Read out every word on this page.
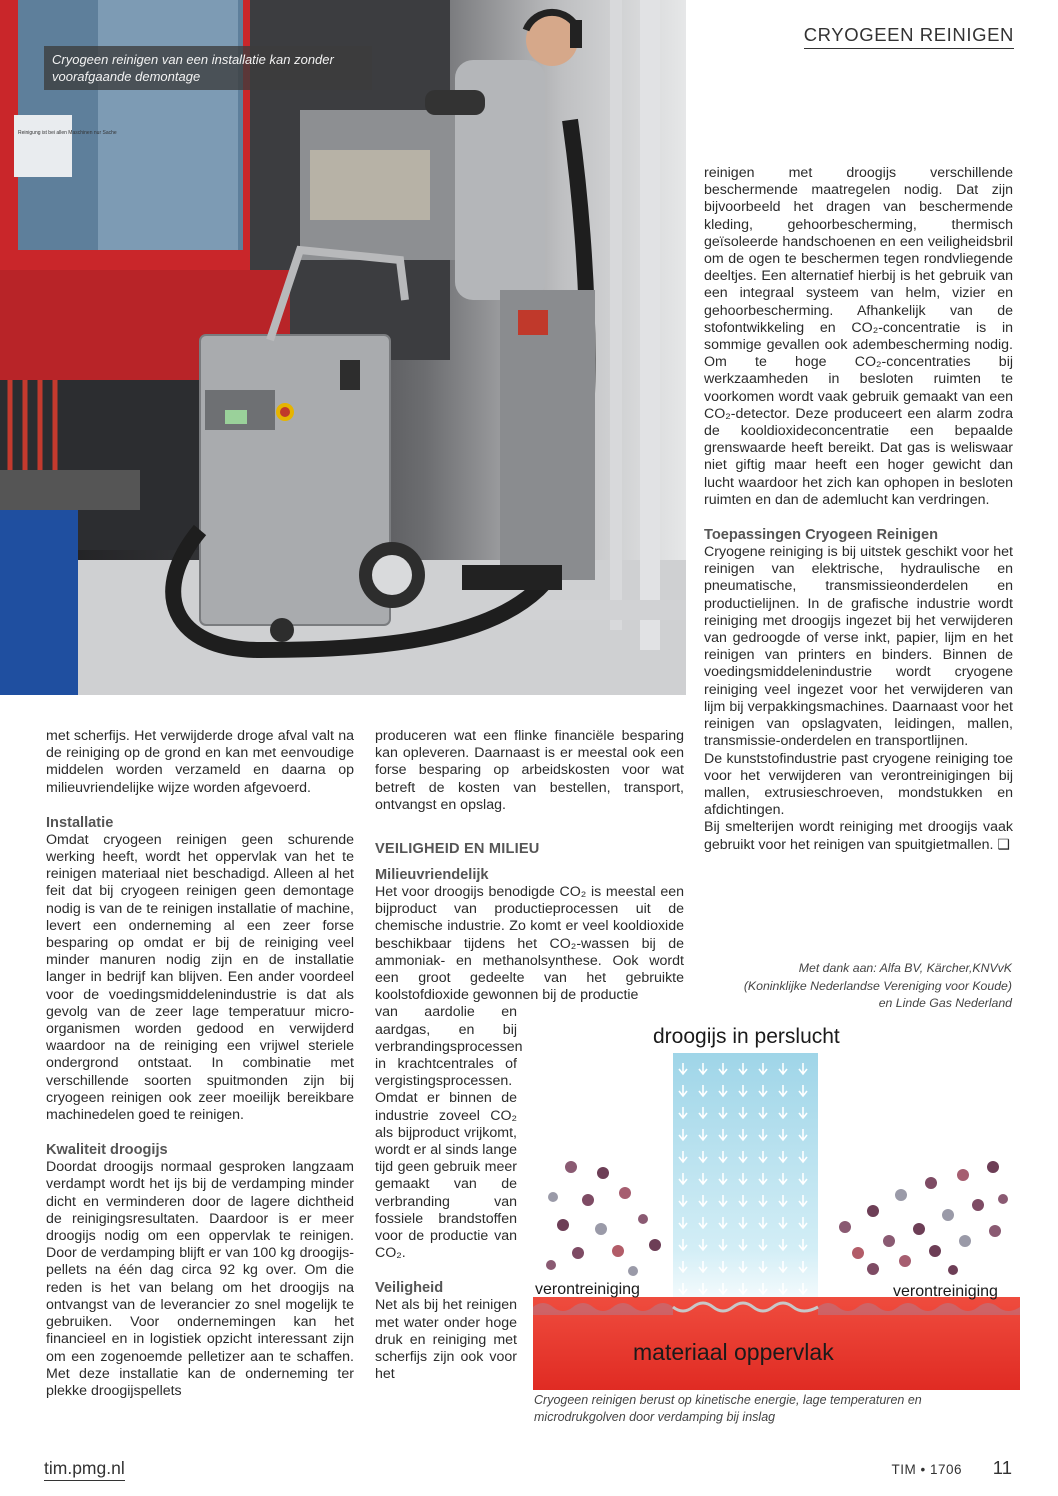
CRYOGEEN REINIGEN
Reinigung ist bei allen Maschinen nur Sache
Cryogeen reinigen van een installatie kan zonder voorafgaande demontage

met scherfijs. Het verwijderde droge afval valt na de reiniging op de grond en kan met eenvoudige middelen worden verzameld en daarna op milieuvriendelijke wijze worden afgevoerd.

Installatie

Omdat cryogeen reinigen geen schurende werking heeft, wordt het oppervlak van het te reinigen materiaal niet beschadigd. Alleen al het feit dat bij cryogeen reinigen geen demontage nodig is van de te reinigen installatie of machine, levert een onderneming al een zeer forse besparing op omdat er bij de reiniging veel minder manuren nodig zijn en de installatie langer in bedrijf kan blijven. Een ander voordeel voor de voedingsmiddelenindustrie is dat als gevolg van de zeer lage temperatuur micro-organismen worden gedood en verwijderd waardoor na de reiniging een vrijwel steriele ondergrond ontstaat. In combinatie met verschillende soorten spuitmonden zijn bij cryogeen reinigen ook zeer moeilijk bereikbare machinedelen goed te reinigen.

Kwaliteit droogijs

Doordat droogijs normaal gesproken langzaam verdampt wordt het ijs bij de verdamping minder dicht en verminderen door de lagere dichtheid de reinigingsresultaten. Daardoor is er meer droogijs nodig om een oppervlak te reinigen. Door de verdamping blijft er van 100 kg droogijs-pellets na één dag circa 92 kg over. Om die reden is het van belang om het droogijs na ontvangst van de leverancier zo snel mogelijk te gebruiken. Voor ondernemingen kan het financieel en in logistiek opzicht interessant zijn om een zogenoemde pelletizer aan te schaffen. Met deze installatie kan de onderneming ter plekke droogijspellets

produceren wat een flinke financiële besparing kan opleveren. Daarnaast is er meestal ook een forse besparing op arbeidskosten voor wat betreft de kosten van bestellen, transport, ontvangst en opslag.

VEILIGHEID EN MILIEU
Milieuvriendelijk

Het voor droogijs benodigde CO₂ is meestal een bijproduct van productieprocessen uit de chemische industrie. Zo komt er veel kooldioxide beschikbaar tijdens het CO₂-wassen bij de ammoniak- en methanolsynthese. Ook wordt een groot gedeelte van het gebruikte koolstofdioxide gewonnen bij de productie

van aardolie en aardgas, en bij verbrandingsprocessen in krachtcentrales of vergistingsprocessen. Omdat er binnen de industrie zoveel CO₂ als bijproduct vrijkomt, wordt er al sinds lange tijd geen gebruik meer gemaakt van de verbranding van fossiele brandstoffen voor de productie van CO₂.

Veiligheid

Net als bij het reinigen met water onder hoge druk en reiniging met scherfijs zijn ook voor het

reinigen met droogijs verschillende beschermende maatregelen nodig. Dat zijn bijvoorbeeld het dragen van beschermende kleding, gehoorbescherming, thermisch geïsoleerde handschoenen en een veiligheidsbril om de ogen te beschermen tegen rondvliegende deeltjes. Een alternatief hierbij is het gebruik van een integraal systeem van helm, vizier en gehoorbescherming. Afhankelijk van de stofontwikkeling en CO₂-concentratie is in sommige gevallen ook adembescherming nodig. Om te hoge CO₂-concentraties bij werkzaamheden in besloten ruimten te voorkomen wordt vaak gebruik gemaakt van een CO₂-detector. Deze produceert een alarm zodra de kooldioxideconcentratie een bepaalde grenswaarde heeft bereikt. Dat gas is weliswaar niet giftig maar heeft een hoger gewicht dan lucht waardoor het zich kan ophopen in besloten ruimten en dan de ademlucht kan verdringen.

Toepassingen Cryogeen Reinigen

Cryogene reiniging is bij uitstek geschikt voor het reinigen van elektrische, hydraulische en pneumatische, transmissieonderdelen en productielijnen. In de grafische industrie wordt reiniging met droogijs ingezet bij het verwijderen van gedroogde of verse inkt, papier, lijm en het reinigen van printers en binders. Binnen de voedingsmiddelenindustrie wordt cryogene reiniging veel ingezet voor het verwijderen van lijm bij verpakkingsmachines. Daarnaast voor het reinigen van opslagvaten, leidingen, mallen, transmissie-onderdelen en transportlijnen.

De kunststofindustrie past cryogene reiniging toe voor het verwijderen van verontreinigingen bij mallen, extrusieschroeven, mondstukken en afdichtingen.

Bij smelterijen wordt reiniging met droogijs vaak gebruikt voor het reinigen van spuitgietmallen. ❑

Met dank aan: Alfa BV, Kärcher,KNVvK
(Koninklijke Nederlandse Vereniging voor Koude)
en Linde Gas Nederland
droogijs in perslucht
verontreiniging	verontreiniging
materiaal oppervlak
Cryogeen reinigen berust op kinetische energie, lage temperaturen en microdrukgolven door verdamping bij inslag
tim.pmg.nl	TIM • 1706 11
